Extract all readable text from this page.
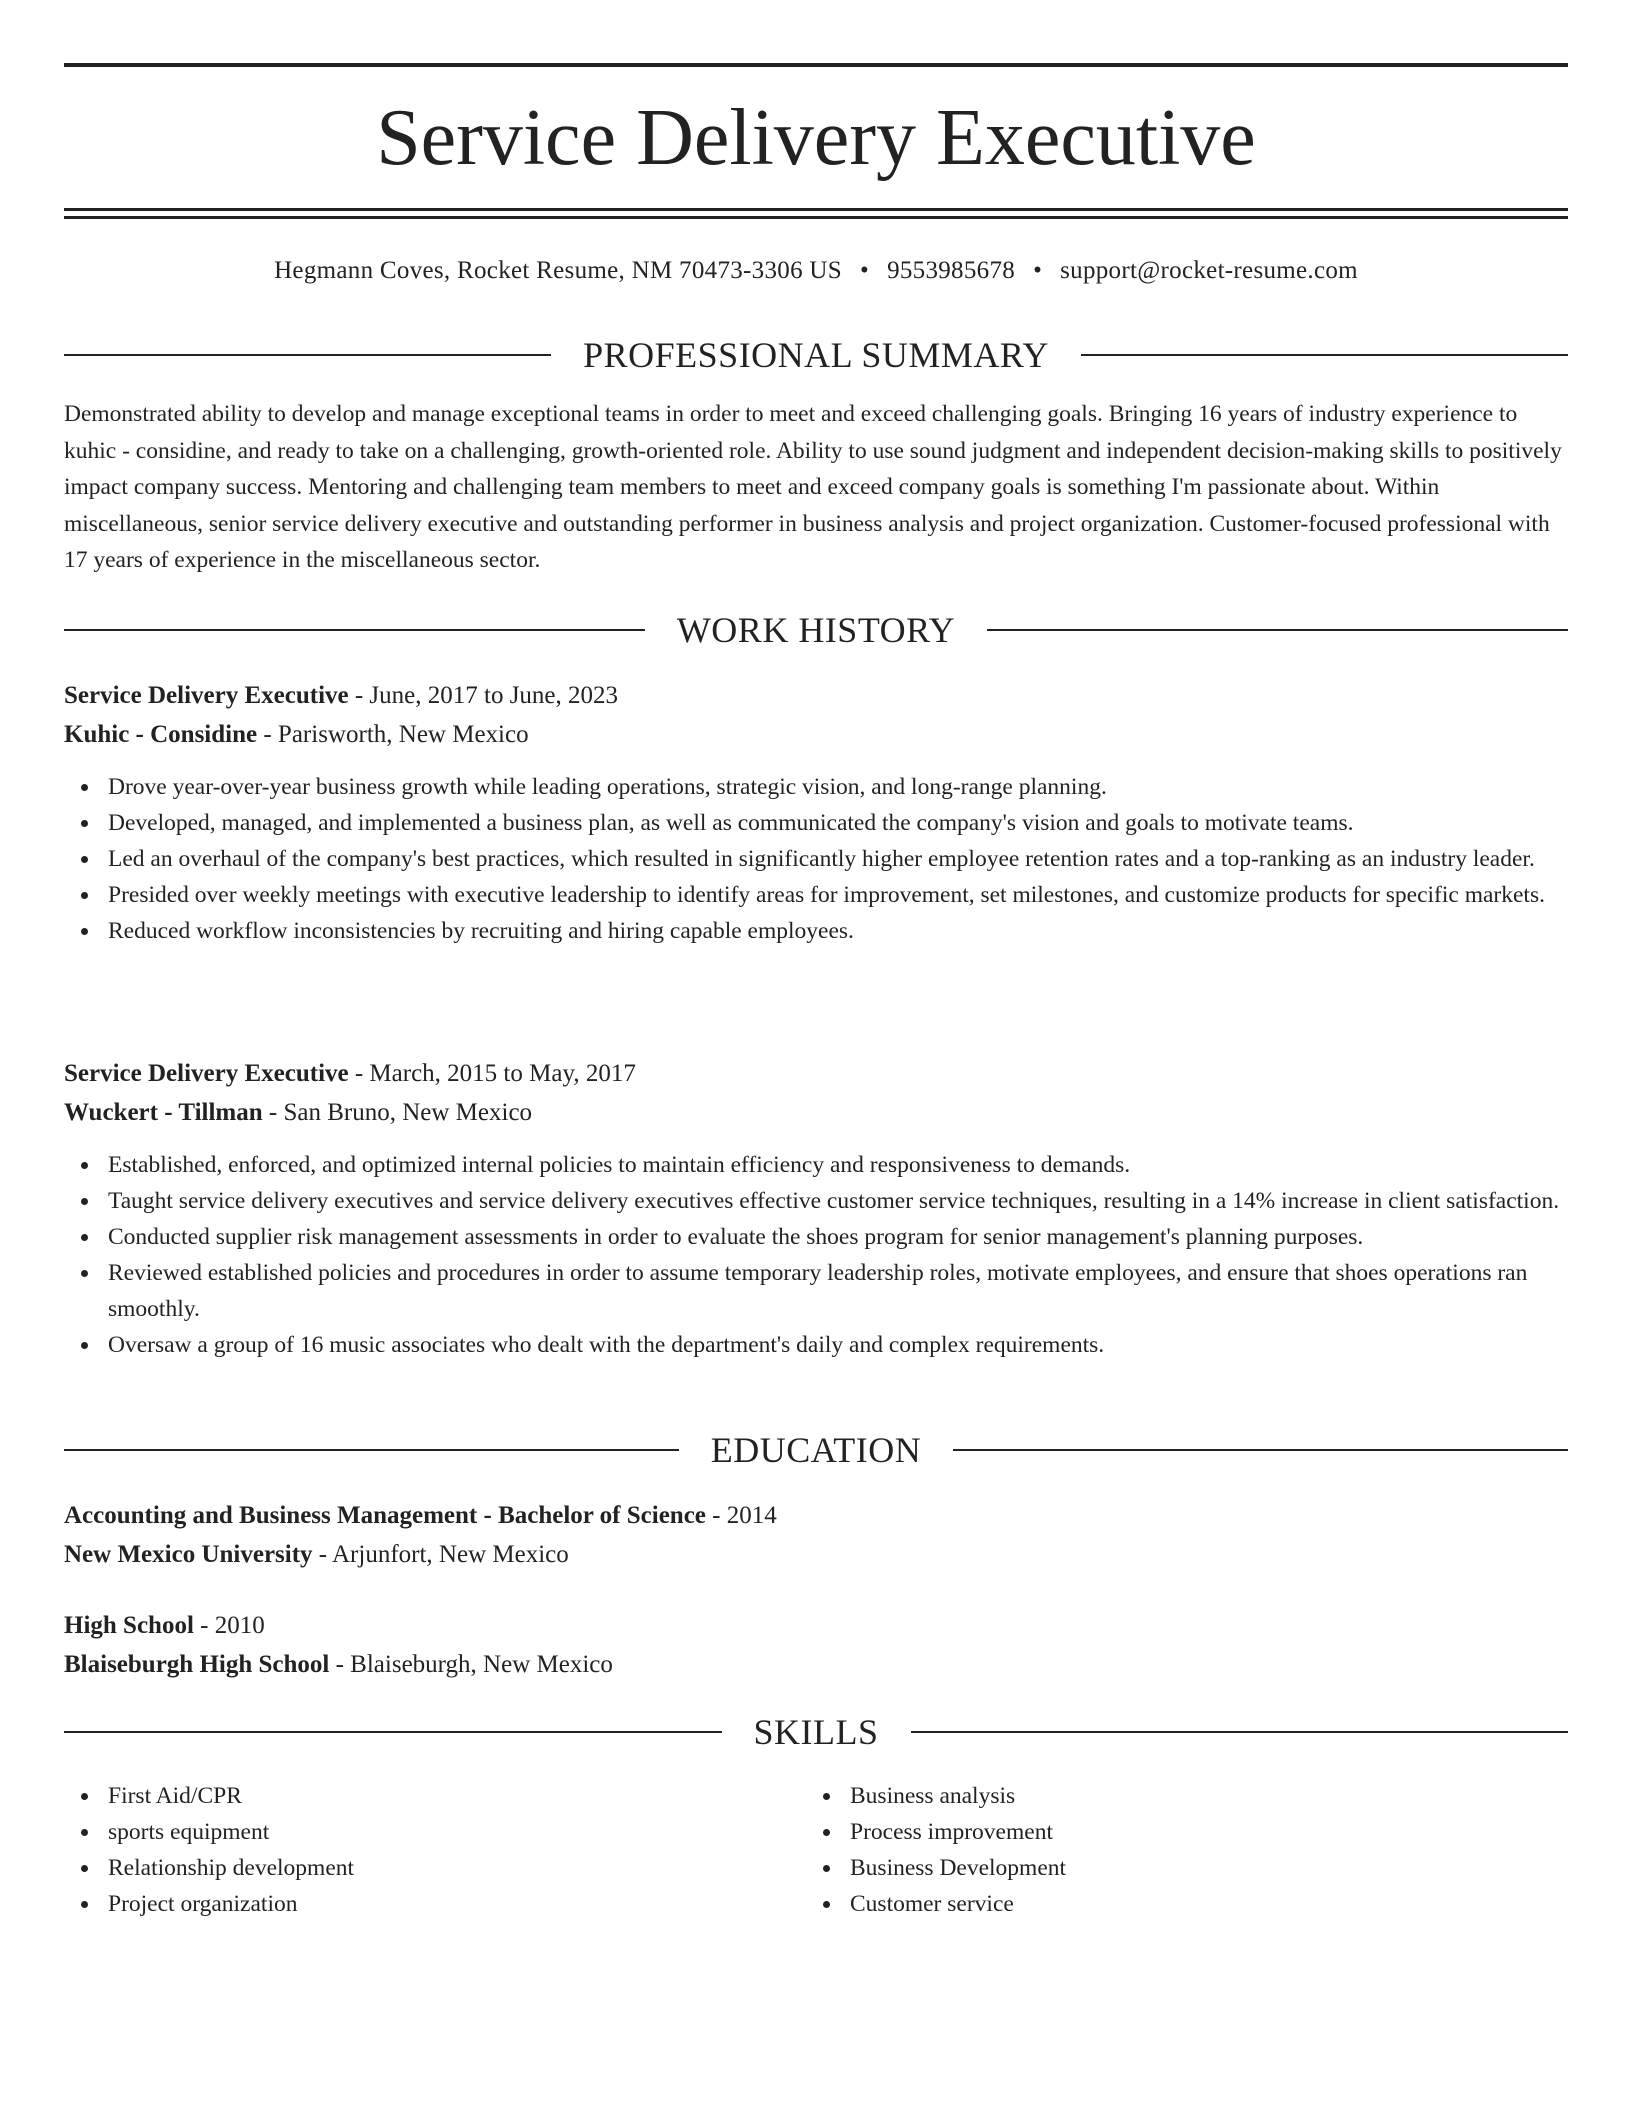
Service Delivery Executive
Hegmann Coves, Rocket Resume, NM 70473-3306 US • 9553985678 • support@rocket-resume.com
PROFESSIONAL SUMMARY

Demonstrated ability to develop and manage exceptional teams in order to meet and exceed challenging goals. Bringing 16 years of industry experience to kuhic - considine, and ready to take on a challenging, growth-oriented role. Ability to use sound judgment and independent decision-making skills to positively impact company success. Mentoring and challenging team members to meet and exceed company goals is something I'm passionate about. Within miscellaneous, senior service delivery executive and outstanding performer in business analysis and project organization. Customer-focused professional with 17 years of experience in the miscellaneous sector.

WORK HISTORY

Service Delivery Executive - June, 2017 to June, 2023

Kuhic - Considine - Parisworth, New Mexico

Drove year-over-year business growth while leading operations, strategic vision, and long-range planning.
Developed, managed, and implemented a business plan, as well as communicated the company's vision and goals to motivate teams.
Led an overhaul of the company's best practices, which resulted in significantly higher employee retention rates and a top-ranking as an industry leader.
Presided over weekly meetings with executive leadership to identify areas for improvement, set milestones, and customize products for specific markets.
Reduced workflow inconsistencies by recruiting and hiring capable employees.

Service Delivery Executive - March, 2015 to May, 2017

Wuckert - Tillman - San Bruno, New Mexico

Established, enforced, and optimized internal policies to maintain efficiency and responsiveness to demands.
Taught service delivery executives and service delivery executives effective customer service techniques, resulting in a 14% increase in client satisfaction.
Conducted supplier risk management assessments in order to evaluate the shoes program for senior management's planning purposes.
Reviewed established policies and procedures in order to assume temporary leadership roles, motivate employees, and ensure that shoes operations ran smoothly.
Oversaw a group of 16 music associates who dealt with the department's daily and complex requirements.
EDUCATION

Accounting and Business Management - Bachelor of Science - 2014

New Mexico University - Arjunfort, New Mexico

High School - 2010

Blaiseburgh High School - Blaiseburgh, New Mexico

SKILLS
First Aid/CPR
sports equipment
Relationship development
Project organization
Business analysis
Process improvement
Business Development
Customer service
